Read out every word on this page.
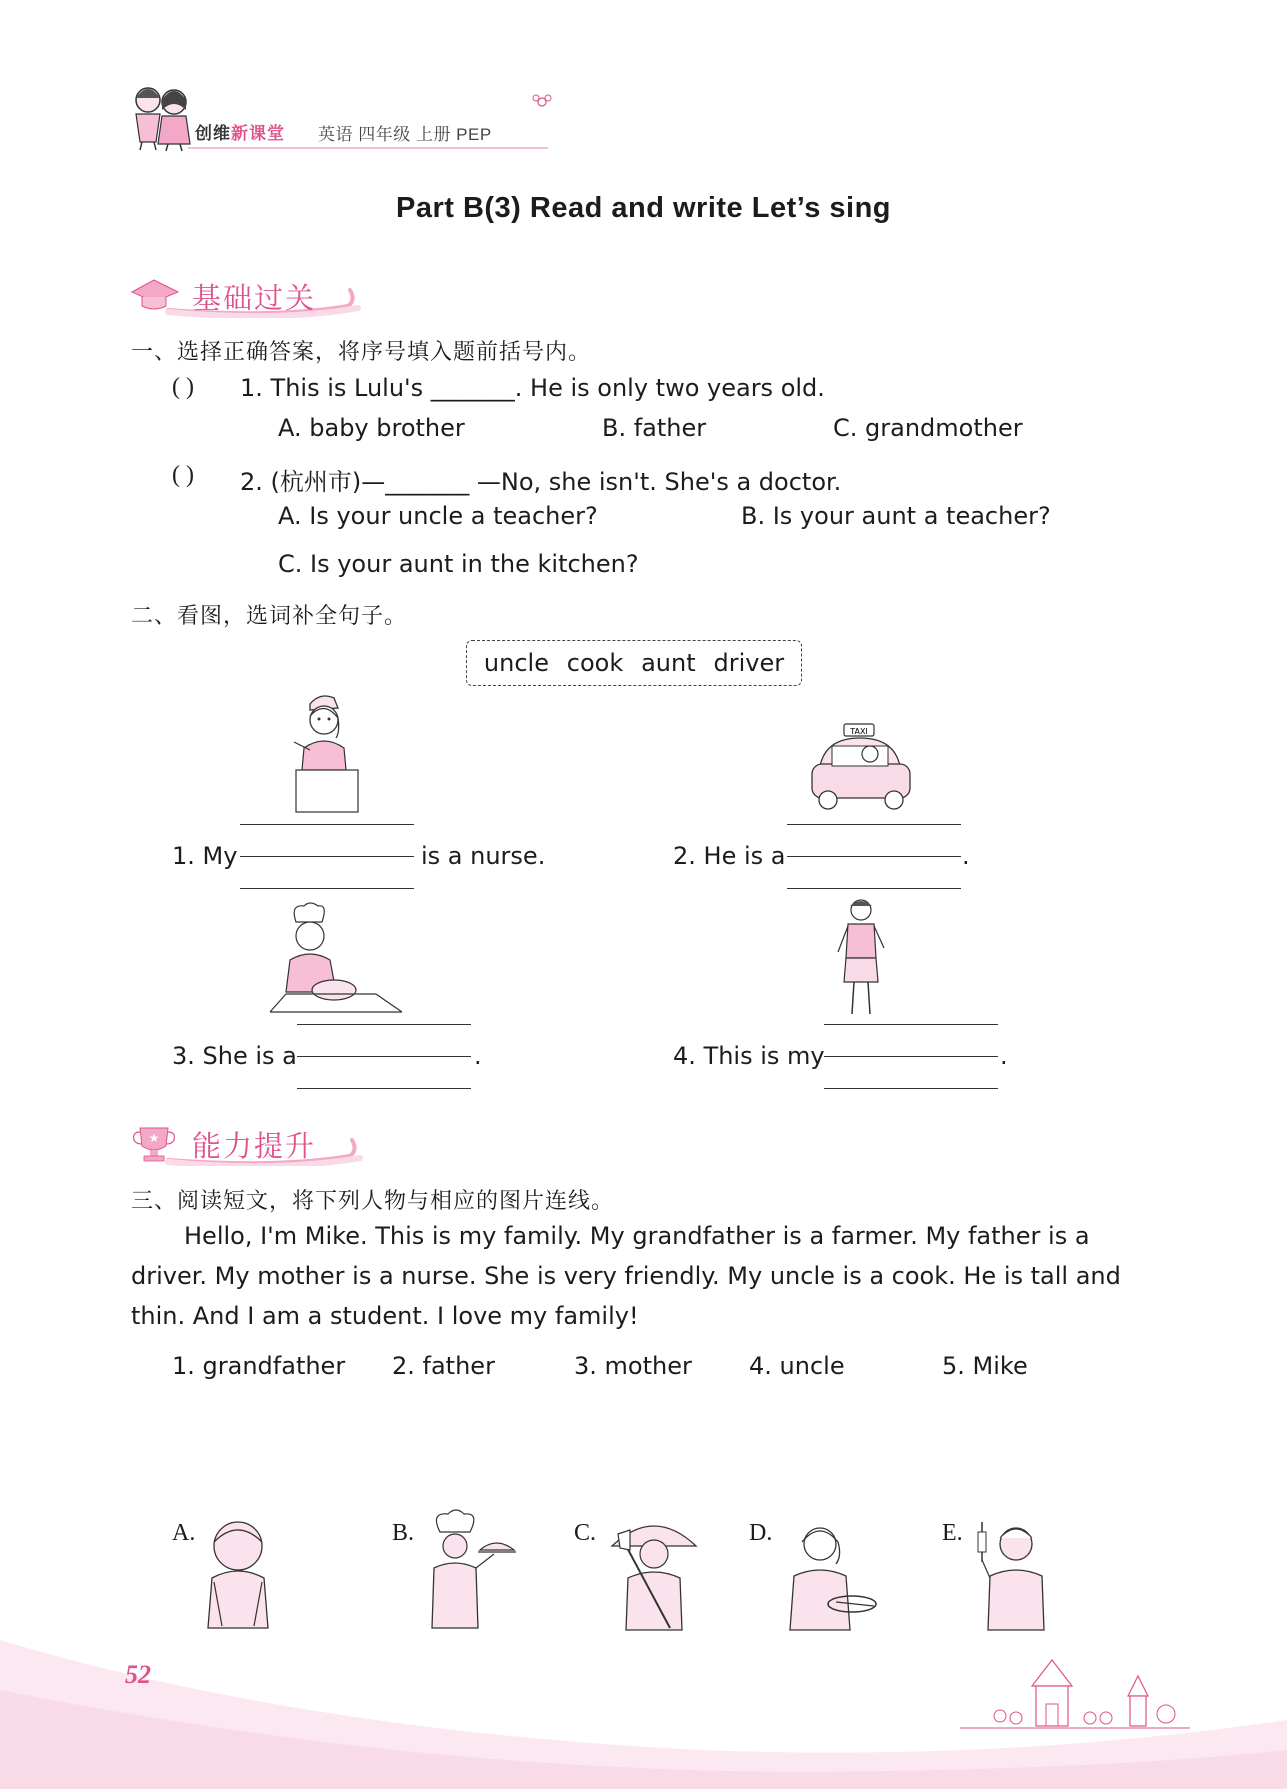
创维新课堂 英语 四年级 上册 PEP
Part B(3) Read and write Let’s sing
基础过关
一、选择正确答案，将序号填入题前括号内。
( ) 1. This is Lulu's _______. He is only two years old.
A. baby brother	B. father	C. grandmother
( ) 2. (杭州市)—_______ —No, she isn't. She's a doctor.
A. Is your uncle a teacher?	B. Is your aunt a teacher?
C. Is your aunt in the kitchen?
二、看图，选词补全句子。
uncle cook aunt driver
TAXI
1. My	is a nurse.	2. He is a	.
3. She is a	.	4. This is my	.
★ 能力提升
三、阅读短文，将下列人物与相应的图片连线。
Hello, I'm Mike. This is my family. My grandfather is a farmer. My father is a
driver. My mother is a nurse. She is very friendly. My uncle is a cook. He is tall and
thin. And I am a student. I love my family!
1. grandfather 2. father	3. mother 4. uncle	5. Mike
A.	B.	C.	D.	E.
52
